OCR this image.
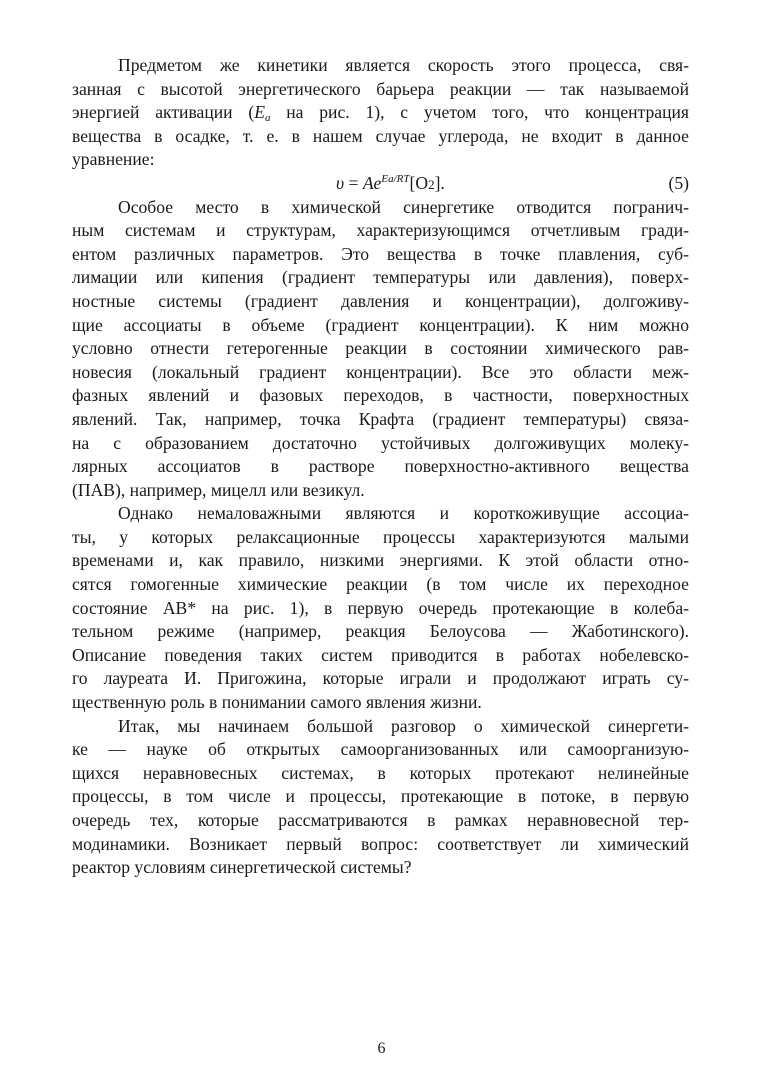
Предметом же кинетики является скорость этого процесса, свя-
занная с высотой энергетического барьера реакции — так называемой
энергией активации ($E_a$ на рис. 1), с учетом того, что концентрация
вещества в осадке, т. е. в нашем случае углерода, не входит в данное
уравнение:
$\upsilon = Ae^{Ea/RT}[O2]$.	(5)
Особое место в химической синергетике отводится погранич-
ным системам и структурам, характеризующимся отчетливым гради-
ентом различных параметров. Это вещества в точке плавления, суб-
лимации или кипения (градиент температуры или давления), поверх-
ностные системы (градиент давления и концентрации), долгоживу-
щие ассоциаты в объеме (градиент концентрации). К ним можно
условно отнести гетерогенные реакции в состоянии химического рав-
новесия (локальный градиент концентрации). Все это области меж-
фазных явлений и фазовых переходов, в частности, поверхностных
явлений. Так, например, точка Крафта (градиент температуры) связа-
на с образованием достаточно устойчивых долгоживущих молеку-
лярных ассоциатов в растворе поверхностно-активного вещества
(ПАВ), например, мицелл или везикул.
Однако немаловажными являются и короткоживущие ассоциа-
ты, у которых релаксационные процессы характеризуются малыми
временами и, как правило, низкими энергиями. К этой области отно-
сятся гомогенные химические реакции (в том числе их переходное
состояние AB* на рис. 1), в первую очередь протекающие в колеба-
тельном режиме (например, реакция Белоусова — Жаботинского).
Описание поведения таких систем приводится в работах нобелевско-
го лауреата И. Пригожина, которые играли и продолжают играть су-
щественную роль в понимании самого явления жизни.
Итак, мы начинаем большой разговор о химической синергети-
ке — науке об открытых самоорганизованных или самоорганизую-
щихся неравновесных системах, в которых протекают нелинейные
процессы, в том числе и процессы, протекающие в потоке, в первую
очередь тех, которые рассматриваются в рамках неравновесной тер-
модинамики. Возникает первый вопрос: соответствует ли химический
реактор условиям синергетической системы?
6
